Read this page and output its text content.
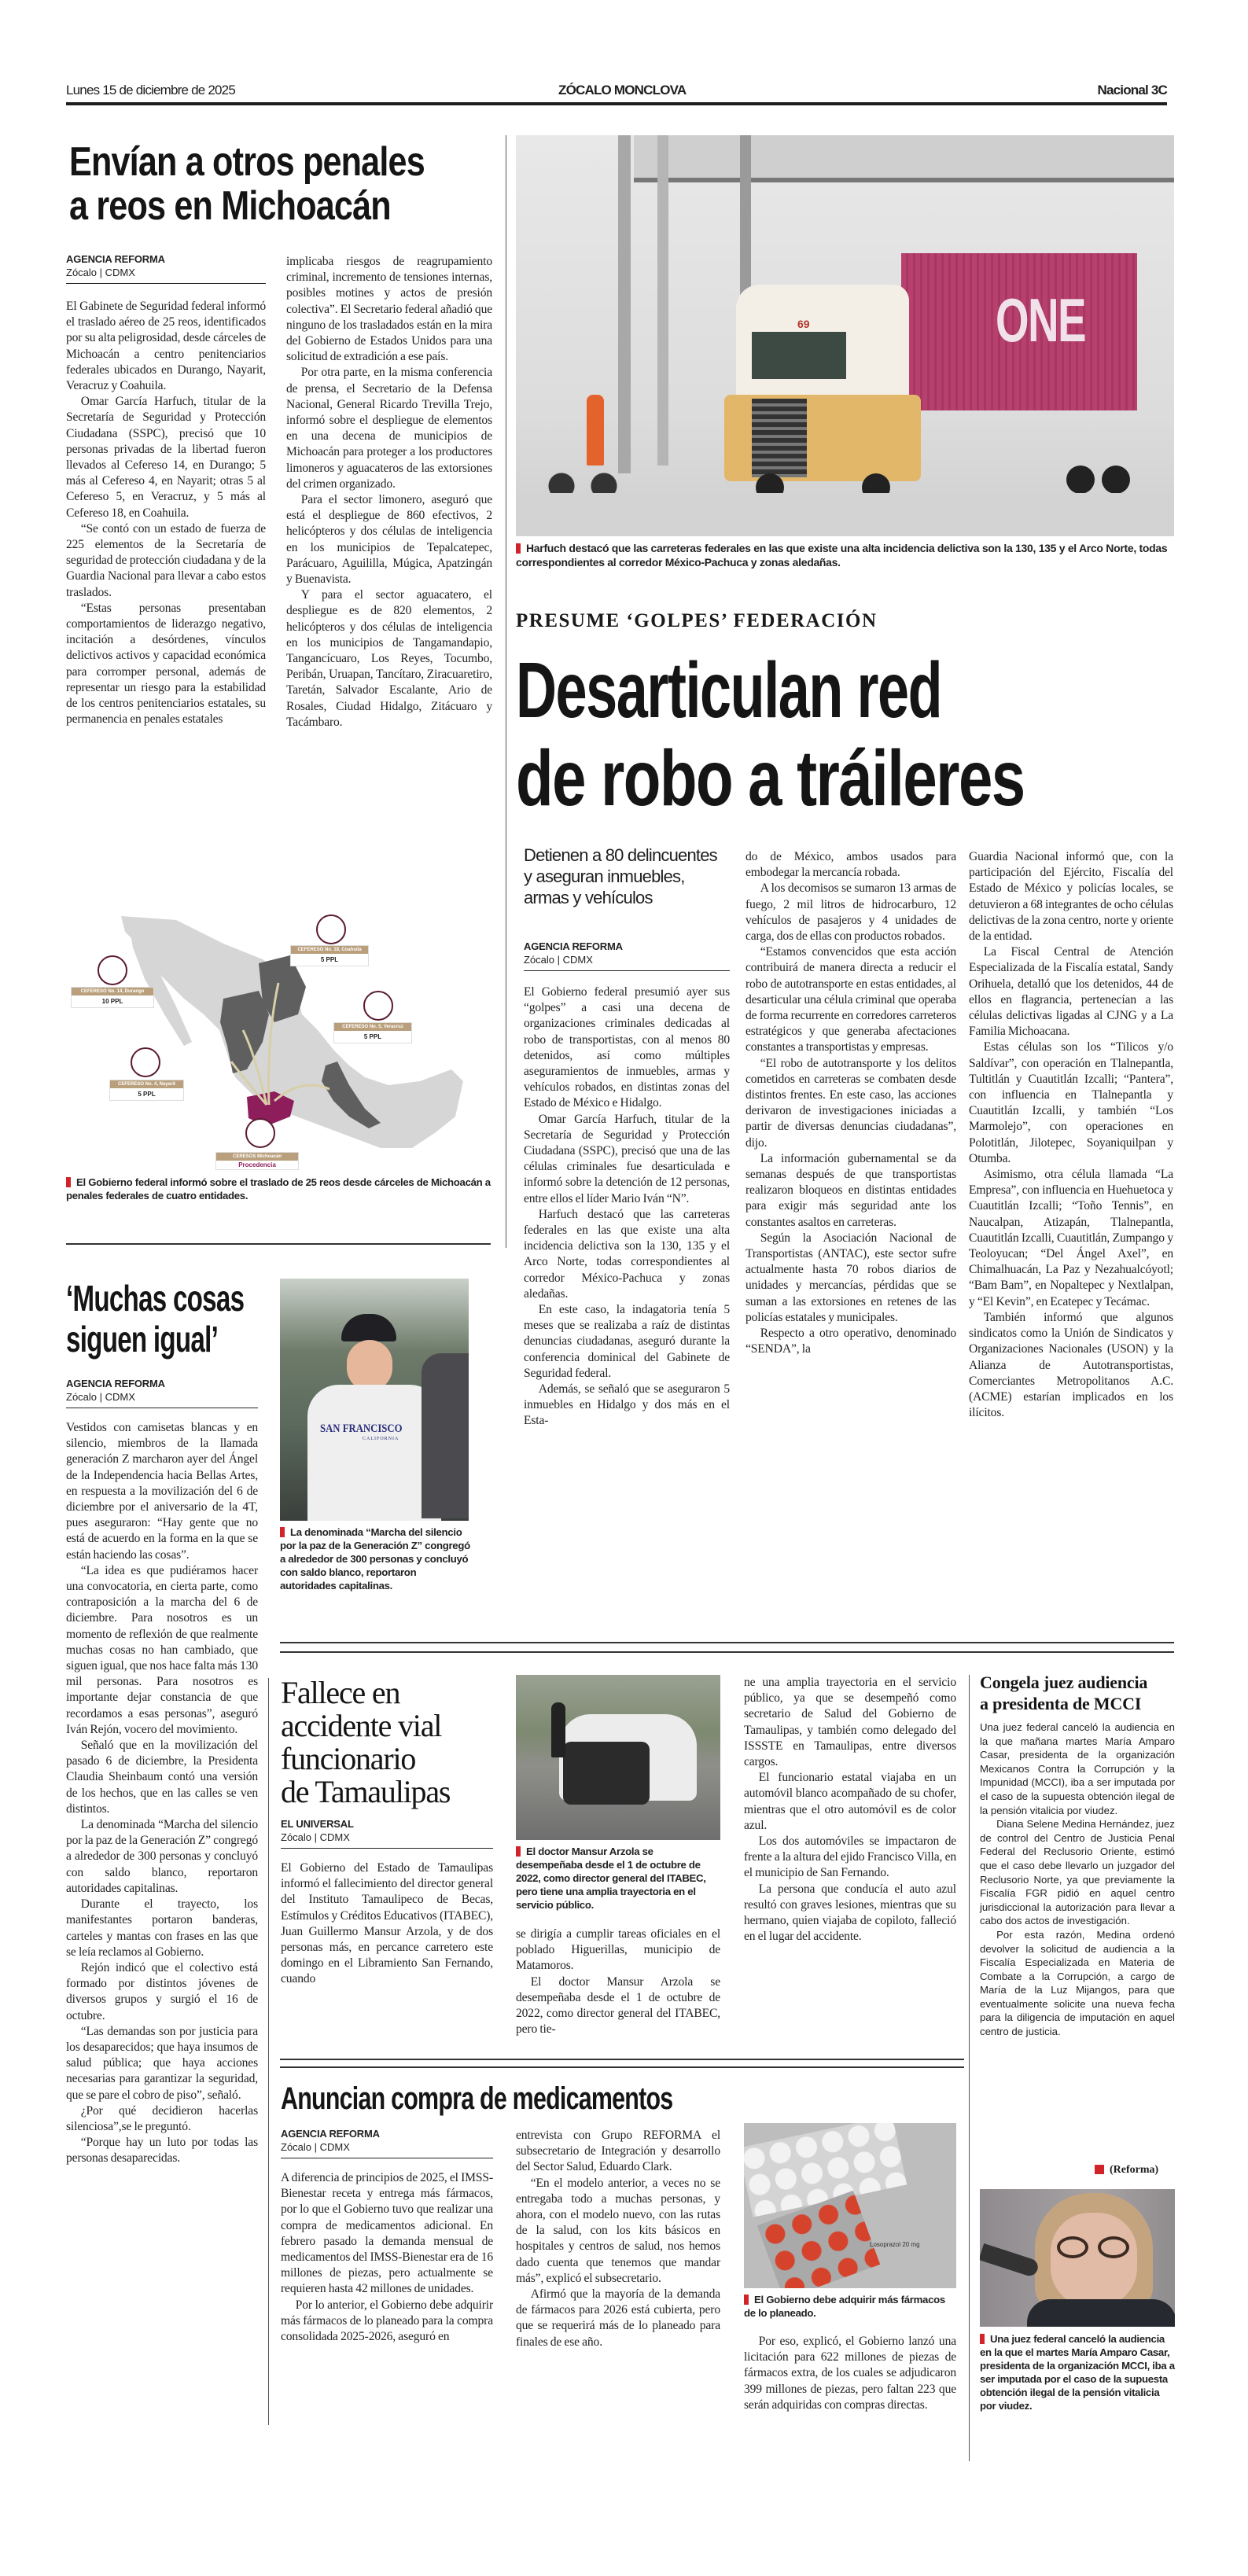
Lunes 15 de diciembre de 2025	ZÓCALO MONCLOVA	Nacional 3C
Envían a otros penales
a reos en Michoacán
AGENCIA REFORMA
Zócalo | CDMX

El Gabinete de Seguridad federal informó el traslado aéreo de 25 reos, identificados por su alta peligrosidad, desde cárceles de Michoacán a centro penitenciarios federales ubicados en Durango, Nayarit, Veracruz y Coahuila.

Omar García Harfuch, titular de la Secretaría de Seguridad y Protección Ciudadana (SSPC), precisó que 10 personas privadas de la libertad fueron llevados al Cefereso 14, en Durango; 5 más al Cefereso 4, en Nayarit; otras 5 al Cefereso 5, en Veracruz, y 5 más al Cefereso 18, en Coahuila.

“Se contó con un estado de fuerza de 225 elementos de la Secretaría de seguridad de protección ciudadana y de la Guardia Nacional para llevar a cabo estos traslados.

“Estas personas presentaban comportamientos de liderazgo negativo, incitación a desórdenes, vínculos delictivos activos y capacidad económica para corromper personal, además de representar un riesgo para la estabilidad de los centros penitenciarios estatales, su permanencia en penales estatales

implicaba riesgos de reagrupamiento criminal, incremento de tensiones internas, posibles motines y actos de presión colectiva”. El Secretario federal añadió que ninguno de los trasladados están en la mira del Gobierno de Estados Unidos para una solicitud de extradición a ese país.

Por otra parte, en la misma conferencia de prensa, el Secretario de la Defensa Nacional, General Ricardo Trevilla Trejo, informó sobre el despliegue de elementos en una decena de municipios de Michoacán para proteger a los productores limoneros y aguacateros de las extorsiones del crimen organizado.

Para el sector limonero, aseguró que está el despliegue de 860 efectivos, 2 helicópteros y dos células de inteligencia en los municipios de Tepalcatepec, Parácuaro, Aguililla, Múgica, Apatzingán y Buenavista.

Y para el sector aguacatero, el despliegue es de 820 elementos, 2 helicópteros y dos células de inteligencia en los municipios de Tangamandapio, Tangancícuaro, Los Reyes, Tocumbo, Peribán, Uruapan, Tancítaro, Ziracuaretiro, Taretán, Salvador Escalante, Ario de Rosales, Ciudad Hidalgo, Zitácuaro y Tacámbaro.

CEFERESO No. 14, Durango
10 PPL
CEFERESO No. 18, Coahuila
5 PPL
CEFERESO No. 5, Veracruz
5 PPL
CEFERESO No. 4, Nayarit
5 PPL
CERESOS Michoacán
Procedencia
El Gobierno federal informó sobre el traslado de 25 reos desde cárceles de Michoacán a penales federales de cuatro entidades.
ONE
69
Harfuch destacó que las carreteras federales en las que existe una alta incidencia delictiva son la 130, 135 y el Arco Norte, todas correspondientes al corredor México-Pachuca y zonas aledañas.
PRESUME ‘GOLPES’ FEDERACIÓN
Desarticulan red
de robo a tráileres
Detienen a 80 delincuentes y aseguran inmuebles, armas y vehículos
AGENCIA REFORMA
Zócalo | CDMX

El Gobierno federal presumió ayer sus “golpes” a casi una decena de organizaciones criminales dedicadas al robo de transportistas, con al menos 80 detenidos, así como múltiples aseguramientos de inmuebles, armas y vehículos robados, en distintas zonas del Estado de México e Hidalgo.

Omar García Harfuch, titular de la Secretaría de Seguridad y Protección Ciudadana (SSPC), precisó que una de las células criminales fue desarticulada e informó sobre la detención de 12 personas, entre ellos el líder Mario Iván “N”.

Harfuch destacó que las carreteras federales en las que existe una alta incidencia delictiva son la 130, 135 y el Arco Norte, todas correspondientes al corredor México-Pachuca y zonas aledañas.

En este caso, la indagatoria tenía 5 meses que se realizaba a raíz de distintas denuncias ciudadanas, aseguró durante la conferencia dominical del Gabinete de Seguridad federal.

Además, se señaló que se aseguraron 5 inmuebles en Hidalgo y dos más en el Esta-

do de México, ambos usados para embodegar la mercancía robada.

A los decomisos se sumaron 13 armas de fuego, 2 mil litros de hidrocarburo, 12 vehículos de pasajeros y 4 unidades de carga, dos de ellas con productos robados.

“Estamos convencidos que esta acción contribuirá de manera directa a reducir el robo de autotransporte en estas entidades, al desarticular una célula criminal que operaba de forma recurrente en corredores carreteros estratégicos y que generaba afectaciones constantes a transportistas y empresas.

“El robo de autotransporte y los delitos cometidos en carreteras se combaten desde distintos frentes. En este caso, las acciones derivaron de investigaciones iniciadas a partir de diversas denuncias ciudadanas”, dijo.

La información gubernamental se da semanas después de que transportistas realizaron bloqueos en distintas entidades para exigir más seguridad ante los constantes asaltos en carreteras.

Según la Asociación Nacional de Transportistas (ANTAC), este sector sufre actualmente hasta 70 robos diarios de unidades y mercancías, pérdidas que se suman a las extorsiones en retenes de las policías estatales y municipales.

Respecto a otro operativo, denominado “SENDA”, la

Guardia Nacional informó que, con la participación del Ejército, Fiscalía del Estado de México y policías locales, se detuvieron a 68 integrantes de ocho células delictivas de la zona centro, norte y oriente de la entidad.

La Fiscal Central de Atención Especializada de la Fiscalía estatal, Sandy Orihuela, detalló que los detenidos, 44 de ellos en flagrancia, pertenecían a las células delictivas ligadas al CJNG y a La Familia Michoacana.

Estas células son los “Tilicos y/o Saldívar”, con operación en Tlalnepantla, Tultitlán y Cuautitlán Izcalli; “Pantera”, con influencia en Tlalnepantla y Cuautitlán Izcalli, y también “Los Marmolejo”, con operaciones en Polotitlán, Jilotepec, Soyaniquilpan y Otumba.

Asimismo, otra célula llamada “La Empresa”, con influencia en Huehuetoca y Cuautitlán Izcalli; “Toño Tennis”, en Naucalpan, Atizapán, Tlalnepantla, Cuautitlán Izcalli, Cuautitlán, Zumpango y Teoloyucan; “Del Ángel Axel”, en Chimalhuacán, La Paz y Nezahualcóyotl; “Bam Bam”, en Nopaltepec y Nextlalpan, y “El Kevin”, en Ecatepec y Tecámac.

También informó que algunos sindicatos como la Unión de Sindicatos y Organizaciones Nacionales (USON) y la Alianza de Autotransportistas, Comerciantes Metropolitanos A.C. (ACME) estarían implicados en los ilícitos.

‘Muchas cosas
siguen igual’
AGENCIA REFORMA
Zócalo | CDMX
SAN FRANCISCO
CALIFORNIA
La denominada “Marcha del silencio por la paz de la Generación Z” congregó a alrededor de 300 personas y concluyó con saldo blanco, reportaron autoridades capitalinas.

Vestidos con camisetas blancas y en silencio, miembros de la llamada generación Z marcharon ayer del Ángel de la Independencia hacia Bellas Artes, en respuesta a la movilización del 6 de diciembre por el aniversario de la 4T, pues aseguraron: “Hay gente que no está de acuerdo en la forma en la que se están haciendo las cosas”.

“La idea es que pudiéramos hacer una convocatoria, en cierta parte, como contraposición a la marcha del 6 de diciembre. Para nosotros es un momento de reflexión de que realmente muchas cosas no han cambiado, que siguen igual, que nos hace falta más 130 mil personas. Para nosotros es importante dejar constancia de que recordamos a esas personas”, aseguró Iván Rejón, vocero del movimiento.

Señaló que en la movilización del pasado 6 de diciembre, la Presidenta Claudia Sheinbaum contó una versión de los hechos, que en las calles se ven distintos.

La denominada “Marcha del silencio por la paz de la Generación Z” congregó a alrededor de 300 personas y concluyó con saldo blanco, reportaron autoridades capitalinas.

Durante el trayecto, los manifestantes portaron banderas, carteles y mantas con frases en las que se leía reclamos al Gobierno.

Rejón indicó que el colectivo está formado por distintos jóvenes de diversos grupos y surgió el 16 de octubre.

“Las demandas son por justicia para los desaparecidos; que haya insumos de salud pública; que haya acciones necesarias para garantizar la seguridad, que se pare el cobro de piso”, señaló.

¿Por qué decidieron hacerlas silenciosa”,se le preguntó.

“Porque hay un luto por todas las personas desaparecidas.

Fallece en
accidente vial
funcionario
de Tamaulipas
EL UNIVERSAL
Zócalo | CDMX

El Gobierno del Estado de Tamaulipas informó el fallecimiento del director general del Instituto Tamaulipeco de Becas, Estímulos y Créditos Educativos (ITABEC), Juan Guillermo Mansur Arzola, y de dos personas más, en percance carretero este domingo en el Libramiento San Fernando, cuando

El doctor Mansur Arzola se desempeñaba desde el 1 de octubre de 2022, como director general del ITABEC, pero tiene una amplia trayectoria en el servicio público.

se dirigía a cumplir tareas oficiales en el poblado Higuerillas, municipio de Matamoros.

El doctor Mansur Arzola se desempeñaba desde el 1 de octubre de 2022, como director general del ITABEC, pero tie-

ne una amplia trayectoria en el servicio público, ya que se desempeñó como secretario de Salud del Gobierno de Tamaulipas, y también como delegado del ISSSTE en Tamaulipas, entre diversos cargos.

El funcionario estatal viajaba en un automóvil blanco acompañado de su chofer, mientras que el otro automóvil es de color azul.

Los dos automóviles se impactaron de frente a la altura del ejido Francisco Villa, en el municipio de San Fernando.

La persona que conducía el auto azul resultó con graves lesiones, mientras que su hermano, quien viajaba de copiloto, falleció en el lugar del accidente.

Anuncian compra de medicamentos
AGENCIA REFORMA
Zócalo | CDMX

A diferencia de principios de 2025, el IMSS-Bienestar receta y entrega más fármacos, por lo que el Gobierno tuvo que realizar una compra de medicamentos adicional. En febrero pasado la demanda mensual de medicamentos del IMSS-Bienestar era de 16 millones de piezas, pero actualmente se requieren hasta 42 millones de unidades.

Por lo anterior, el Gobierno debe adquirir más fármacos de lo planeado para la compra consolidada 2025-2026, aseguró en

entrevista con Grupo REFORMA el subsecretario de Integración y desarrollo del Sector Salud, Eduardo Clark.

“En el modelo anterior, a veces no se entregaba todo a muchas personas, y ahora, con el modelo nuevo, con las rutas de la salud, con los kits básicos en hospitales y centros de salud, nos hemos dado cuenta que tenemos que mandar más”, explicó el subsecretario.

Afirmó que la mayoría de la demanda de fármacos para 2026 está cubierta, pero que se requerirá más de lo planeado para finales de ese año.

Losoprazol 20 mg
El Gobierno debe adquirir más fármacos de lo planeado.

Por eso, explicó, el Gobierno lanzó una licitación para 622 millones de piezas de fármacos extra, de los cuales se adjudicaron 399 millones de piezas, pero faltan 223 que serán adquiridas con compras directas.

Congela juez audiencia
a presidenta de MCCI

Una juez federal canceló la audiencia en la que mañana martes María Amparo Casar, presidenta de la organización Mexicanos Contra la Corrupción y la Impunidad (MCCI), iba a ser imputada por el caso de la supuesta obtención ilegal de la pensión vitalicia por viudez.

Diana Selene Medina Hernández, juez de control del Centro de Justicia Penal Federal del Reclusorio Oriente, estimó que el caso debe llevarlo un juzgador del Reclusorio Norte, ya que previamente la Fiscalía FGR pidió en aquel centro jurisdiccional la autorización para llevar a cabo dos actos de investigación.

Por esta razón, Medina ordenó devolver la solicitud de audiencia a la Fiscalía Especializada en Materia de Combate a la Corrupción, a cargo de María de la Luz Mijangos, para que eventualmente solicite una nueva fecha para la diligencia de imputación en aquel centro de justicia.

(Reforma)
Una juez federal canceló la audiencia en la que el martes María Amparo Casar, presidenta de la organización MCCI, iba a ser imputada por el caso de la supuesta obtención ilegal de la pensión vitalicia por viudez.
